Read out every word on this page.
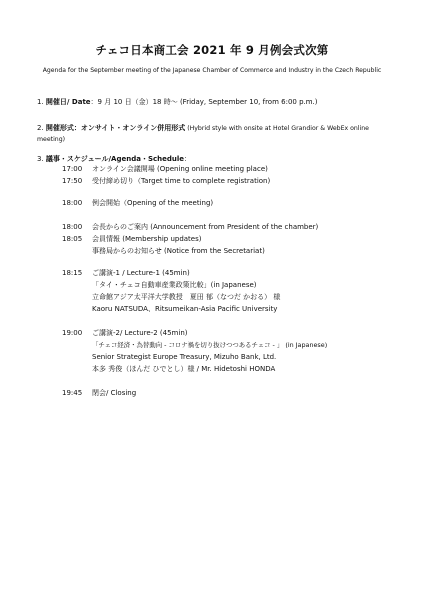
チェコ日本商工会 2021 年 9 月例会式次第
Agenda for the September meeting of the Japanese Chamber of Commerce and Industry in the Czech Republic
1. 開催日/ Date：9 月 10 日（金）18 時～ (Friday, September 10, from 6:00 p.m.)
2. 開催形式：オンサイト・オンライン併用形式 (Hybrid style with onsite at Hotel Grandior & WebEx online
meeting)
3. 議事・スケジュール/Agenda・Schedule：
17:00 オンライン会議開場 (Opening online meeting place)
17:50 受付締め切り（Target time to complete registration)
18:00 例会開始（Opening of the meeting)
18:00 会長からのご案内 (Announcement from President of the chamber)
18:05 会員情報 (Membership updates)
事務局からのお知らせ (Notice from the Secretariat)
18:15 ご講演-1 / Lecture-1 (45min)
「タイ・チェコ自動車産業政策比較」(in Japanese)
立命館アジア太平洋大学教授　夏田 郁（なつだ かおる） 様
Kaoru NATSUDA、Ritsumeikan-Asia Pacific University
19:00 ご講演-2/ Lecture-2 (45min)
「チェコ経済・為替動向 - コロナ禍を切り抜けつつあるチェコ - 」 (in Japanese)
Senior Strategist Europe Treasury, Mizuho Bank, Ltd.
本多 秀俊（ほんだ ひでとし）様 / Mr. Hidetoshi HONDA
19:45 閉会/ Closing
